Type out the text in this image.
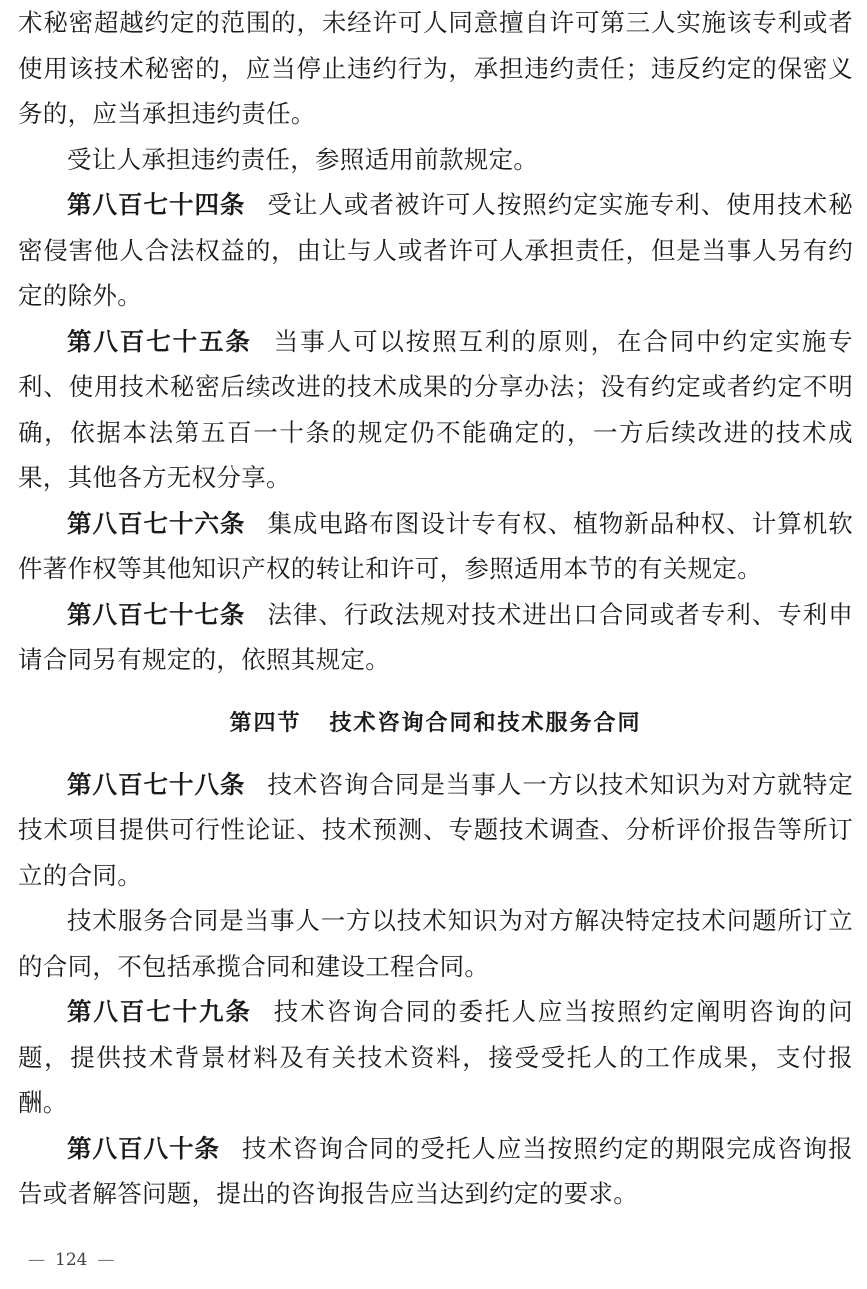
术秘密超越约定的范围的，未经许可人同意擅自许可第三人实施该专利或者使用该技术秘密的，应当停止违约行为，承担违约责任；违反约定的保密义务的，应当承担违约责任。

受让人承担违约责任，参照适用前款规定。

第八百七十四条 受让人或者被许可人按照约定实施专利、使用技术秘密侵害他人合法权益的，由让与人或者许可人承担责任，但是当事人另有约定的除外。

第八百七十五条 当事人可以按照互利的原则，在合同中约定实施专利、使用技术秘密后续改进的技术成果的分享办法；没有约定或者约定不明确，依据本法第五百一十条的规定仍不能确定的，一方后续改进的技术成果，其他各方无权分享。

第八百七十六条 集成电路布图设计专有权、植物新品种权、计算机软件著作权等其他知识产权的转让和许可，参照适用本节的有关规定。

第八百七十七条 法律、行政法规对技术进出口合同或者专利、专利申请合同另有规定的，依照其规定。

第四节 技术咨询合同和技术服务合同

第八百七十八条 技术咨询合同是当事人一方以技术知识为对方就特定技术项目提供可行性论证、技术预测、专题技术调查、分析评价报告等所订立的合同。

技术服务合同是当事人一方以技术知识为对方解决特定技术问题所订立的合同，不包括承揽合同和建设工程合同。

第八百七十九条 技术咨询合同的委托人应当按照约定阐明咨询的问题，提供技术背景材料及有关技术资料，接受受托人的工作成果，支付报酬。

第八百八十条 技术咨询合同的受托人应当按照约定的期限完成咨询报告或者解答问题，提出的咨询报告应当达到约定的要求。

— 124 —
